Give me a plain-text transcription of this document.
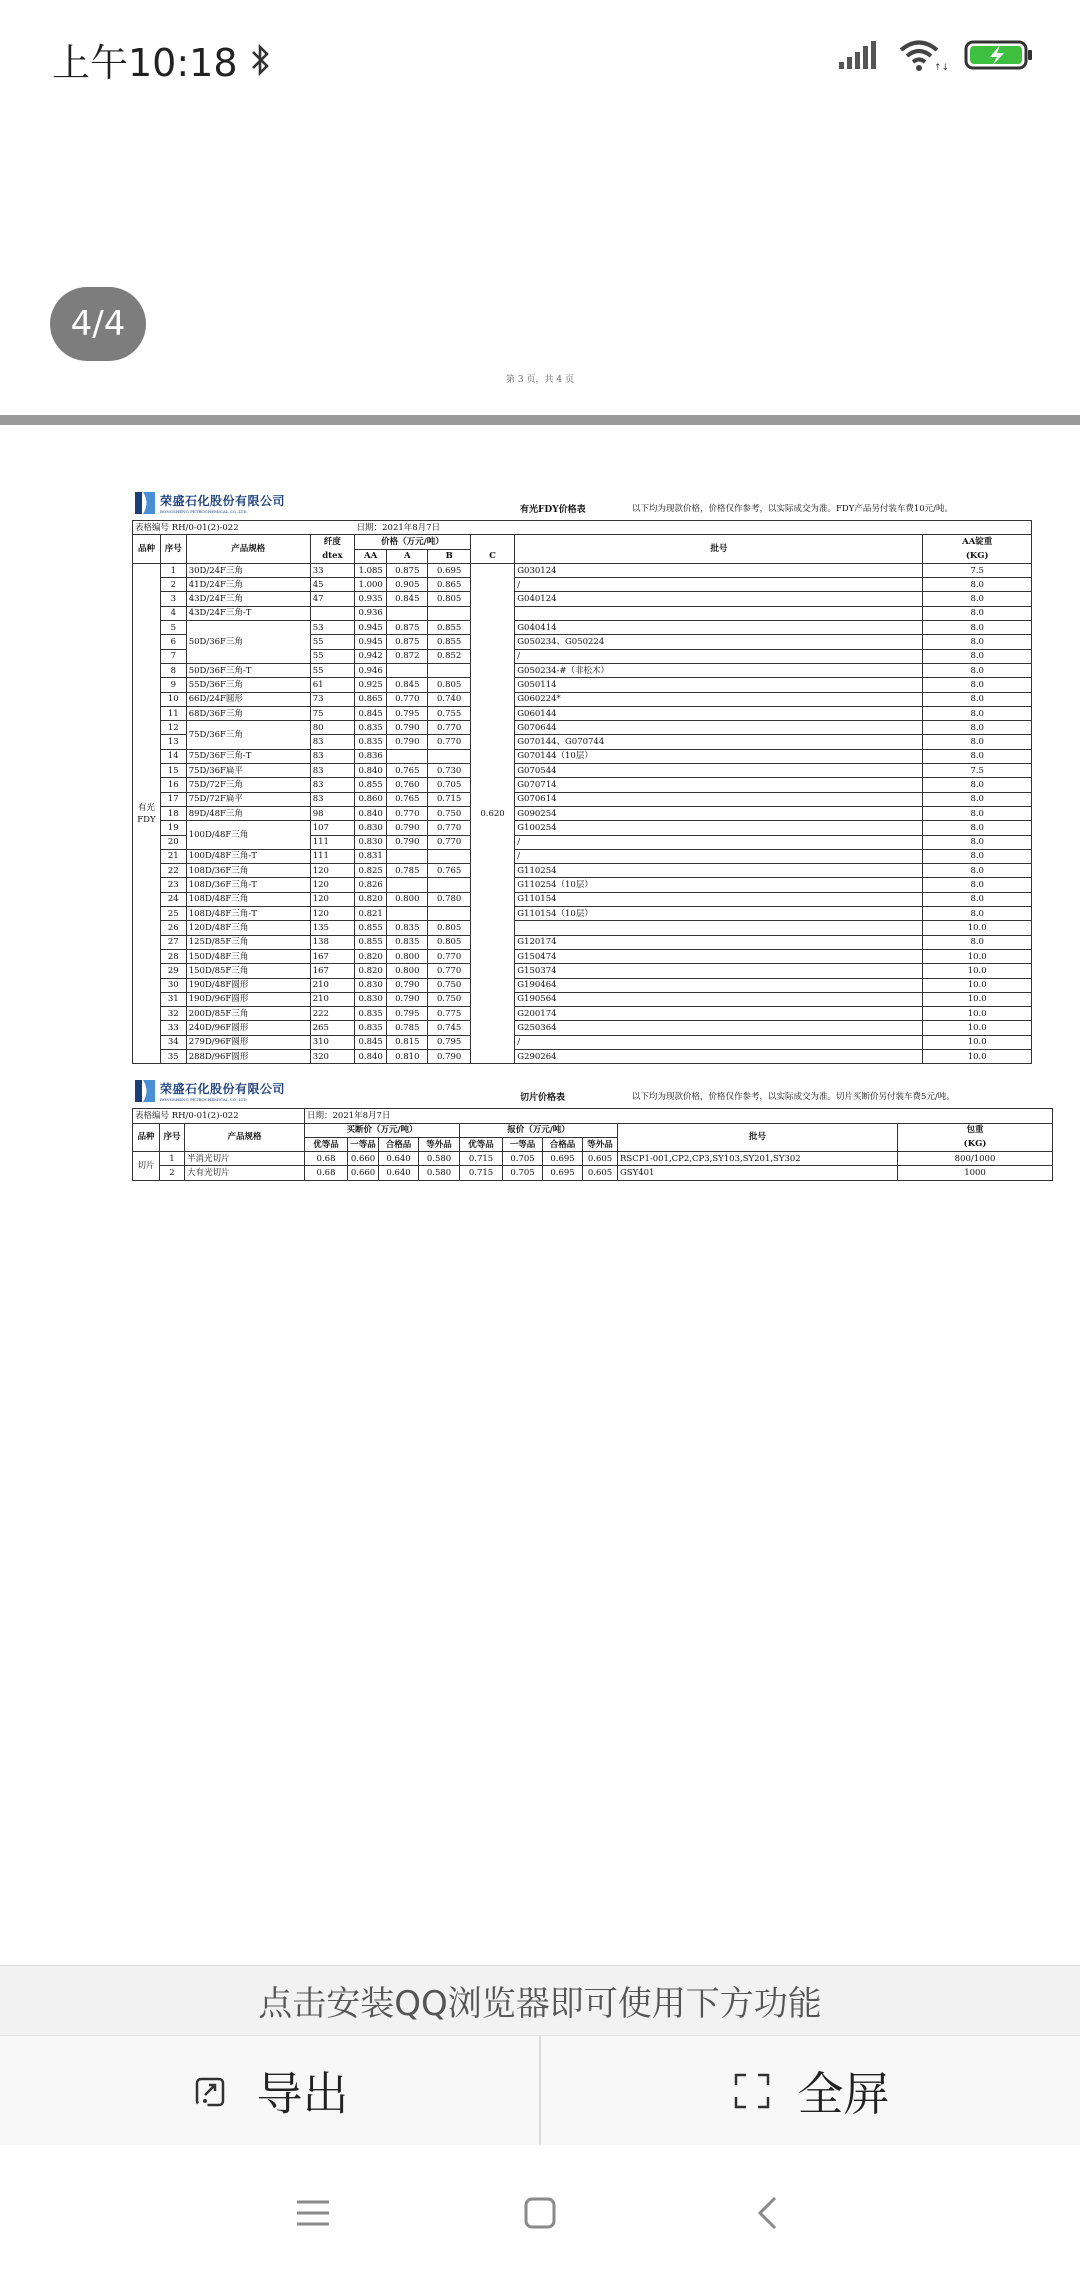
上午10:18	↑↓
4/4
第 3 页，共 4 页
荣盛石化股份有限公司
RONGSHENG PETROCHEMICAL CO.,LTD.	有光FDY价格表	以下均为现款价格，价格仅作参考，以实际成交为准。FDY产品另付装车费10元/吨。
表格编号 RH/0-01(2)-022				日期：2021年8月7日					
品种	序号	产品规格	纤度	价格（万元/吨）				批号	AA锭重
			dtex	AA	A	B	C		(KG)
有光
FDY	1	30D/24F三角	33	1.085	0.875	0.695	0.620	G030124	7.5
	2	41D/24F三角	45	1.000	0.905	0.865		/	8.0
	3	43D/24F三角	47	0.935	0.845	0.805		G040124	8.0
	4	43D/24F三角-T		0.936					8.0
	5	50D/36F三角	53	0.945	0.875	0.855		G040414	8.0
	6		55	0.945	0.875	0.855		G050234、G050224	8.0
	7		55	0.942	0.872	0.852		/	8.0
	8	50D/36F三角-T	55	0.946				G050234-#（非松木）	8.0
	9	55D/36F三角	61	0.925	0.845	0.805		G050114	8.0
	10	66D/24F圆形	73	0.865	0.770	0.740		G060224*	8.0
	11	68D/36F三角	75	0.845	0.795	0.755		G060144	8.0
	12	75D/36F三角	80	0.835	0.790	0.770		G070644	8.0
	13		83	0.835	0.790	0.770		G070144、G070744	8.0
	14	75D/36F三角-T	83	0.836				G070144（10层）	8.0
	15	75D/36F扁平	83	0.840	0.765	0.730		G070544	7.5
	16	75D/72F三角	83	0.855	0.760	0.705		G070714	8.0
	17	75D/72F扁平	83	0.860	0.765	0.715		G070614	8.0
	18	89D/48F三角	98	0.840	0.770	0.750		G090254	8.0
	19	100D/48F三角	107	0.830	0.790	0.770		G100254	8.0
	20		111	0.830	0.790	0.770		/	8.0
	21	100D/48F三角-T	111	0.831				/	8.0
	22	108D/36F三角	120	0.825	0.785	0.765		G110254	8.0
	23	108D/36F三角-T	120	0.826				G110254（10层）	8.0
	24	108D/48F三角	120	0.820	0.800	0.780		G110154	8.0
	25	108D/48F三角-T	120	0.821				G110154（10层）	8.0
	26	120D/48F三角	135	0.855	0.835	0.805			10.0
	27	125D/85F三角	138	0.855	0.835	0.805		G120174	8.0
	28	150D/48F三角	167	0.820	0.800	0.770		G150474	10.0
	29	150D/85F三角	167	0.820	0.800	0.770		G150374	10.0
	30	190D/48F圆形	210	0.830	0.790	0.750		G190464	10.0
	31	190D/96F圆形	210	0.830	0.790	0.750		G190564	10.0
	32	200D/85F三角	222	0.835	0.795	0.775		G200174	10.0
	33	240D/96F圆形	265	0.835	0.785	0.745		G250364	10.0
	34	279D/96F圆形	310	0.845	0.815	0.795		/	10.0
	35	288D/96F圆形	320	0.840	0.810	0.790		G290264	10.0
荣盛石化股份有限公司
RONGSHENG PETROCHEMICAL CO.,LTD.	切片价格表	以下均为现款价格，价格仅作参考，以实际成交为准。切片买断价另付装车费5元/吨。
表格编号 RH/0-01(2)-022			日期：2021年8月7日									
品种	序号	产品规格	买断价（万元/吨）				报价（万元/吨）				批号	包重
			优等品	一等品	合格品	等外品	优等品	一等品	合格品	等外品		(KG)
切片	1	半消光切片	0.68	0.660	0.640	0.580	0.715	0.705	0.695	0.605	RSCP1-001,CP2,CP3,SY103,SY201,SY302	800/1000
	2	大有光切片	0.68	0.660	0.640	0.580	0.715	0.705	0.695	0.605	GSY401	1000
点击安装QQ浏览器即可使用下方功能
导出	全屏
